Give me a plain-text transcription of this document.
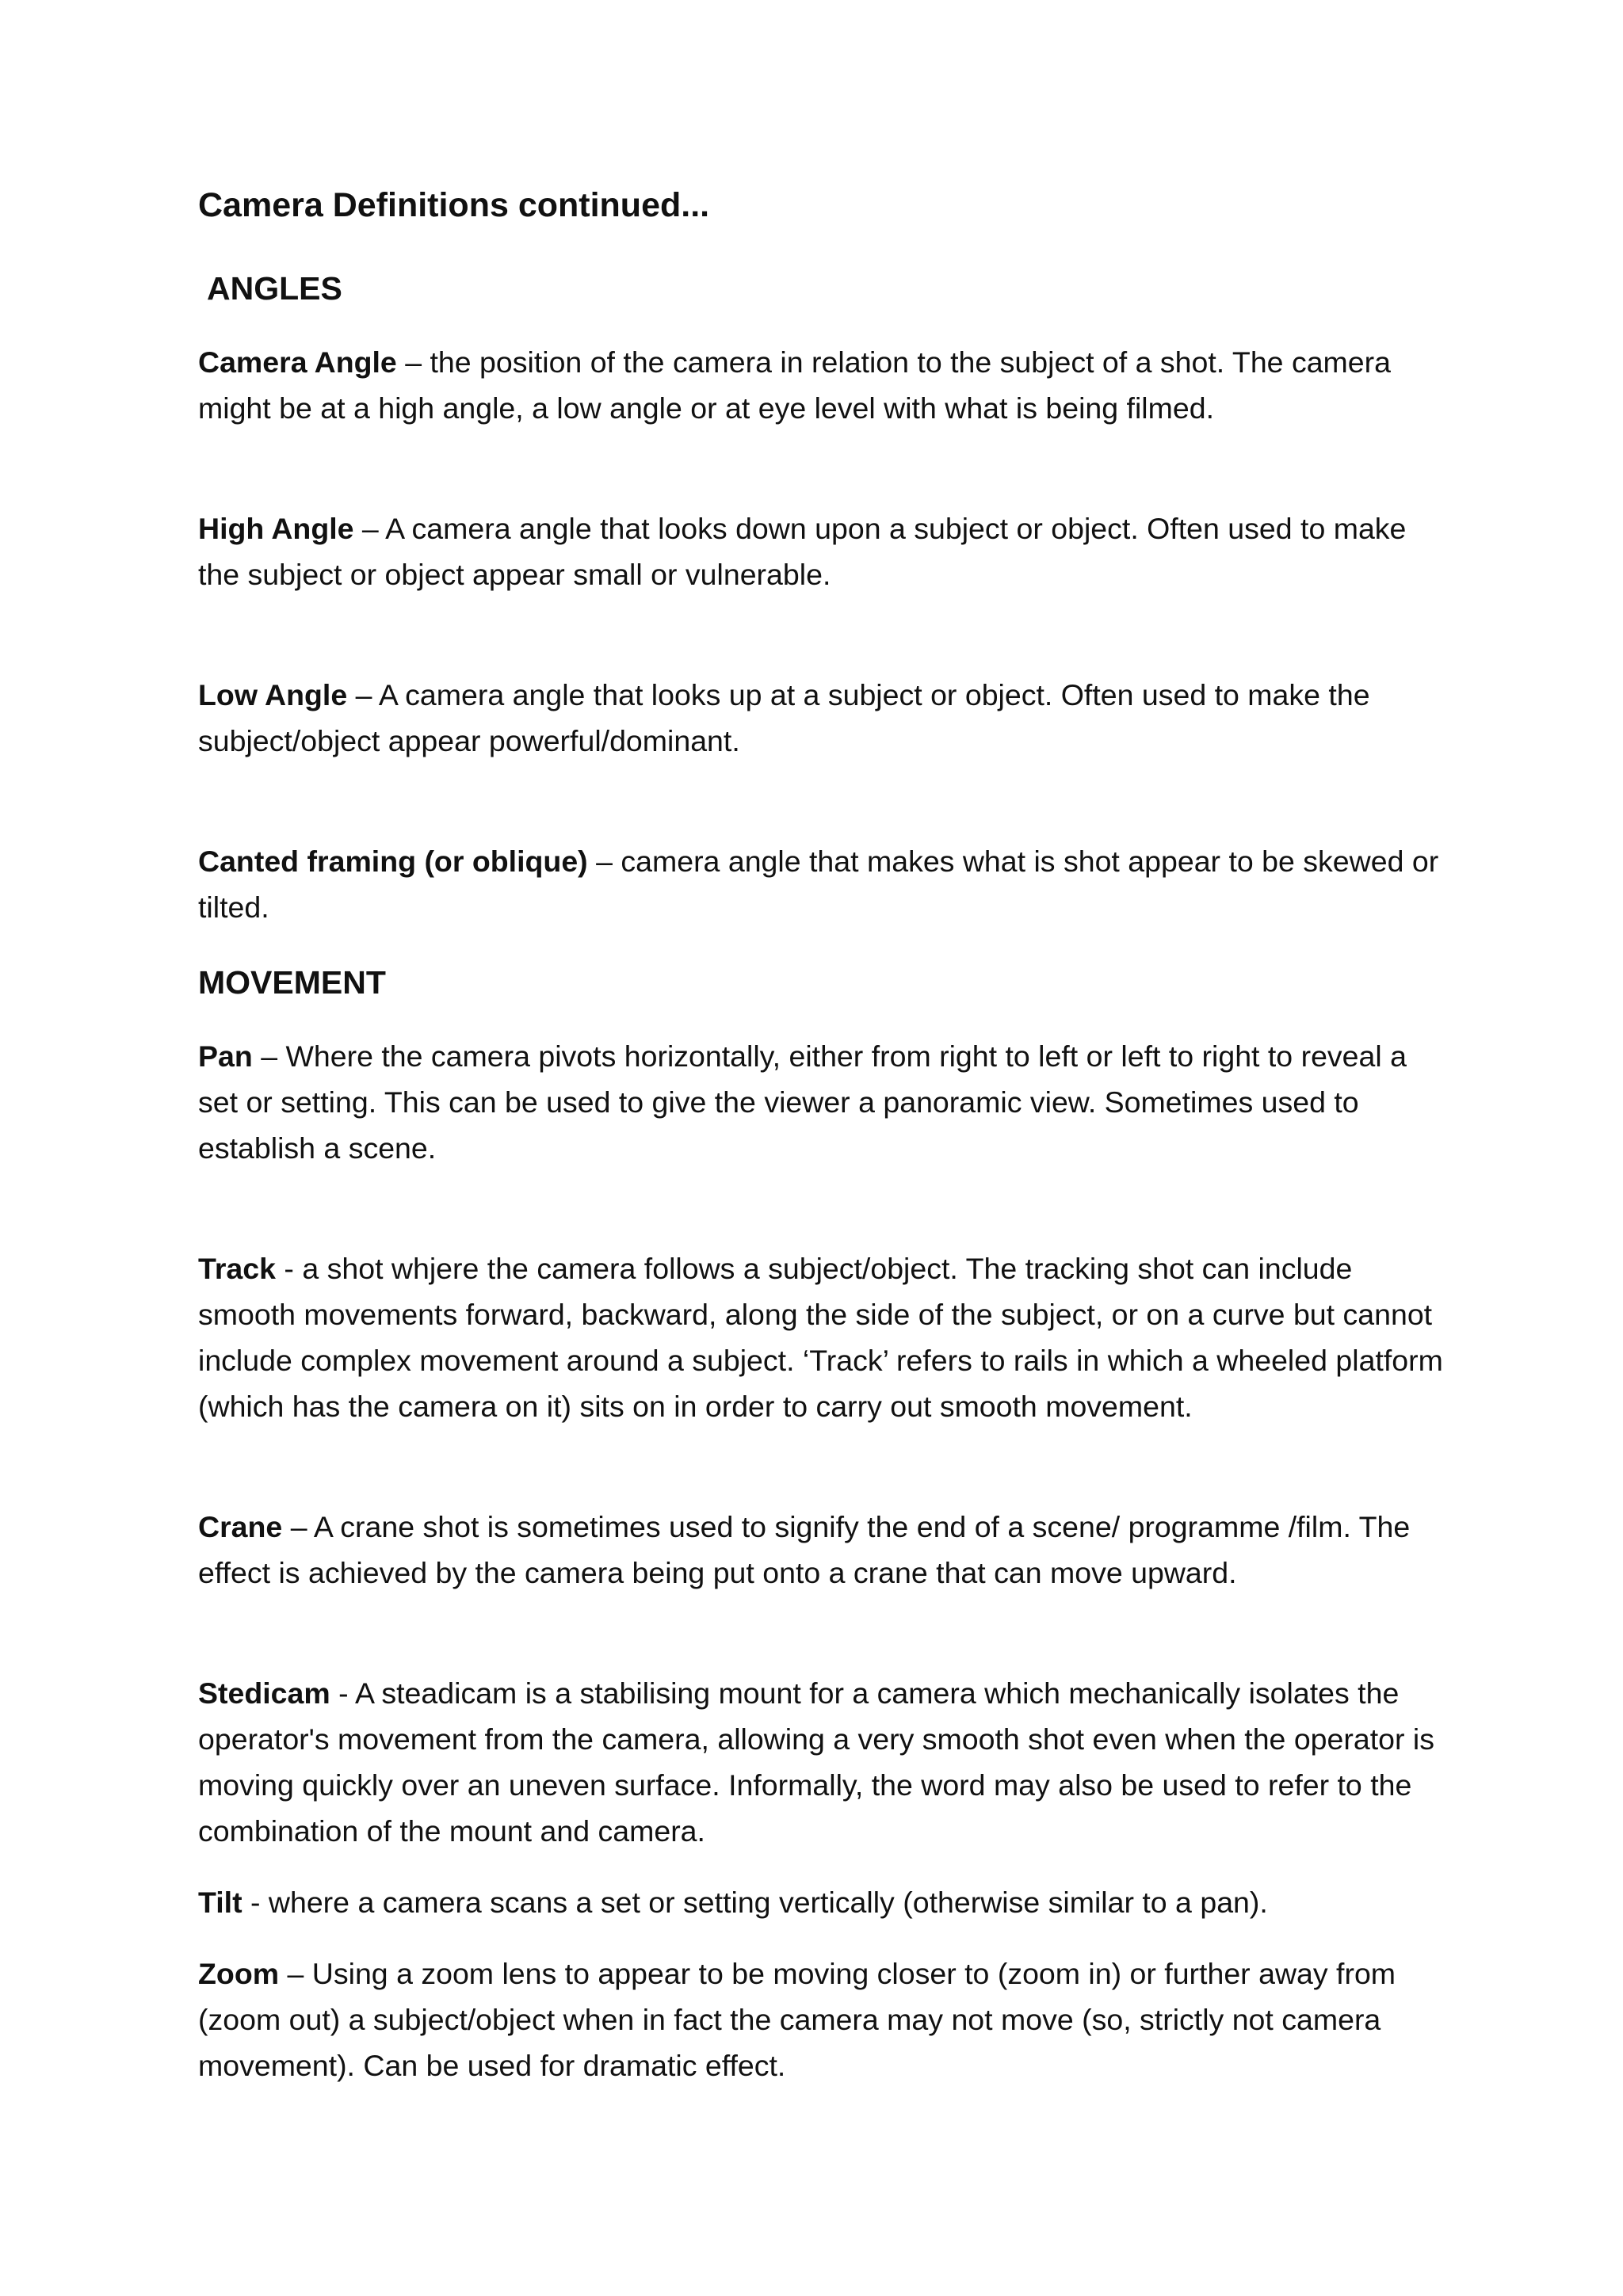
Camera Definitions continued...
ANGLES

Camera Angle – the position of the camera in relation to the subject of a shot. The camera might be at a high angle, a low angle or at eye level with what is being filmed.

High Angle – A camera angle that looks down upon a subject or object. Often used to make the subject or object appear small or vulnerable.

Low Angle – A camera angle that looks up at a subject or object. Often used to make the subject/object appear powerful/dominant.

Canted framing (or oblique) – camera angle that makes what is shot appear to be skewed or tilted.

MOVEMENT

Pan – Where the camera pivots horizontally, either from right to left or left to right to reveal a set or setting. This can be used to give the viewer a panoramic view. Sometimes used to establish a scene.

Track - a shot whjere the camera follows a subject/object. The tracking shot can include smooth movements forward, backward, along the side of the subject, or on a curve but cannot include complex movement around a subject. ‘Track’ refers to rails in which a wheeled platform (which has the camera on it) sits on in order to carry out smooth movement.

Crane – A crane shot is sometimes used to signify the end of a scene/ programme /film. The effect is achieved by the camera being put onto a crane that can move upward.

Stedicam - A steadicam is a stabilising mount for a camera which mechanically isolates the operator's movement from the camera, allowing a very smooth shot even when the operator is moving quickly over an uneven surface. Informally, the word may also be used to refer to the combination of the mount and camera.

Tilt - where a camera scans a set or setting vertically (otherwise similar to a pan).

Zoom – Using a zoom lens to appear to be moving closer to (zoom in) or further away from (zoom out) a subject/object when in fact the camera may not move (so, strictly not camera movement). Can be used for dramatic effect.
